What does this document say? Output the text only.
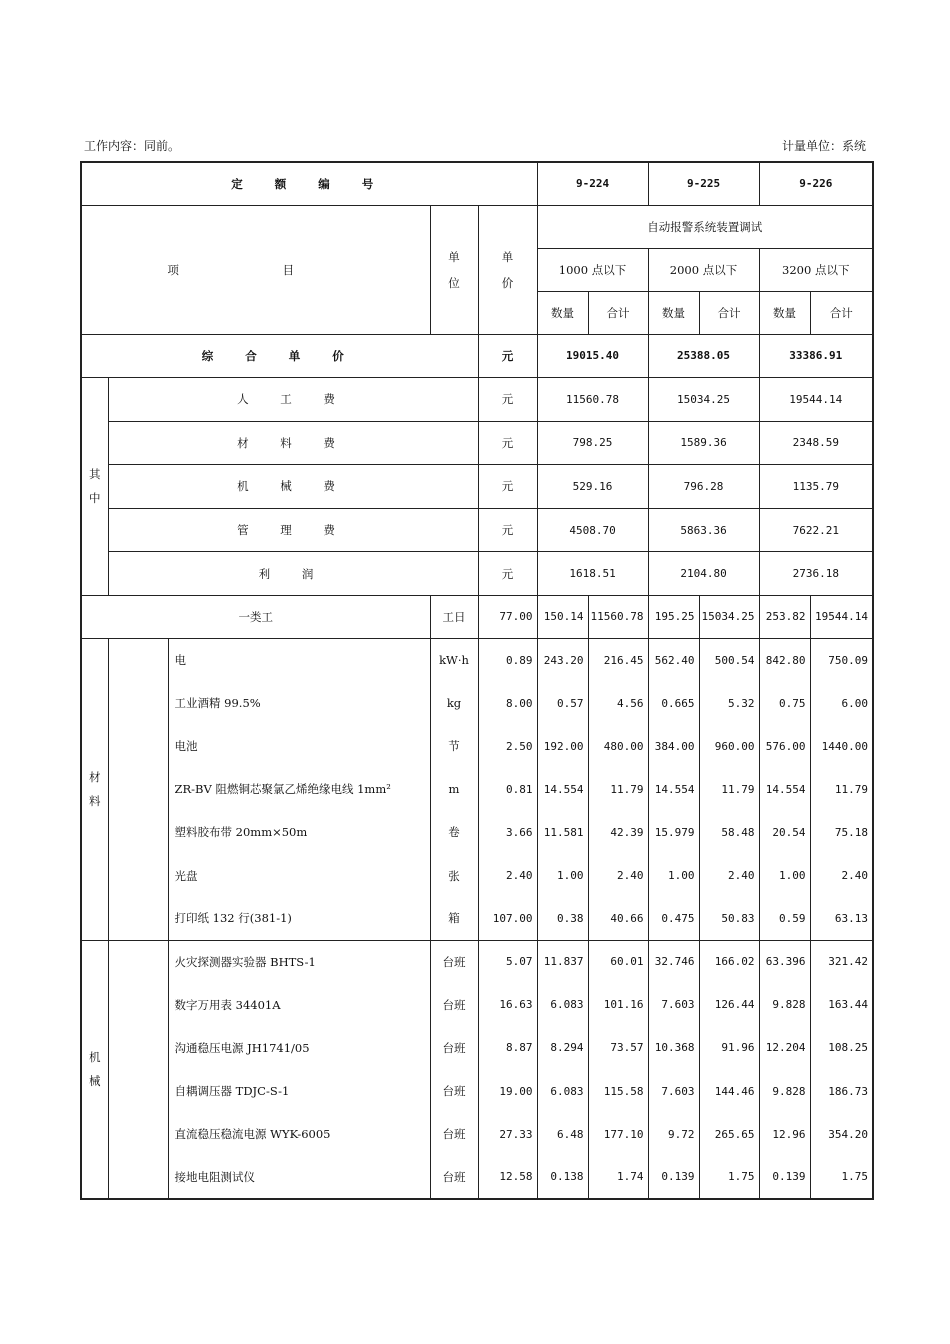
工作内容：同前。	计量单位：系统
定 额 编 号					9-224		9-225		9-226	
项 目			单位	单价	自动报警系统装置调试					
					1000 点以下		2000 点以下		3200 点以下	
					数量	合计	数量	合计	数量	合计
综 合 单 价				元	19015.40		25388.05		33386.91	
其中	人 工 费			元	11560.78		15034.25		19544.14	
	材 料 费			元	798.25		1589.36		2348.59	
	机 械 费			元	529.16		796.28		1135.79	
	管 理 费			元	4508.70		5863.36		7622.21	
	利 润			元	1618.51		2104.80		2736.18	
一类工			工日	77.00	150.14	11560.78	195.25	15034.25	253.82	19544.14
材料		电	kW·h	0.89	243.20	216.45	562.40	500.54	842.80	750.09
		工业酒精 99.5%	kg	8.00	0.57	4.56	0.665	5.32	0.75	6.00
		电池	节	2.50	192.00	480.00	384.00	960.00	576.00	1440.00
		ZR-BV 阻燃铜芯聚氯乙烯绝缘电线 1mm²	m	0.81	14.554	11.79	14.554	11.79	14.554	11.79
		塑料胶布带 20mm×50m	卷	3.66	11.581	42.39	15.979	58.48	20.54	75.18
		光盘	张	2.40	1.00	2.40	1.00	2.40	1.00	2.40
		打印纸 132 行(381-1)	箱	107.00	0.38	40.66	0.475	50.83	0.59	63.13
机械		火灾探测器实验器 BHTS-1	台班	5.07	11.837	60.01	32.746	166.02	63.396	321.42
		数字万用表 34401A	台班	16.63	6.083	101.16	7.603	126.44	9.828	163.44
		沟通稳压电源 JH1741/05	台班	8.87	8.294	73.57	10.368	91.96	12.204	108.25
		自耦调压器 TDJC-S-1	台班	19.00	6.083	115.58	7.603	144.46	9.828	186.73
		直流稳压稳流电源 WYK-6005	台班	27.33	6.48	177.10	9.72	265.65	12.96	354.20
		接地电阻测试仪	台班	12.58	0.138	1.74	0.139	1.75	0.139	1.75
